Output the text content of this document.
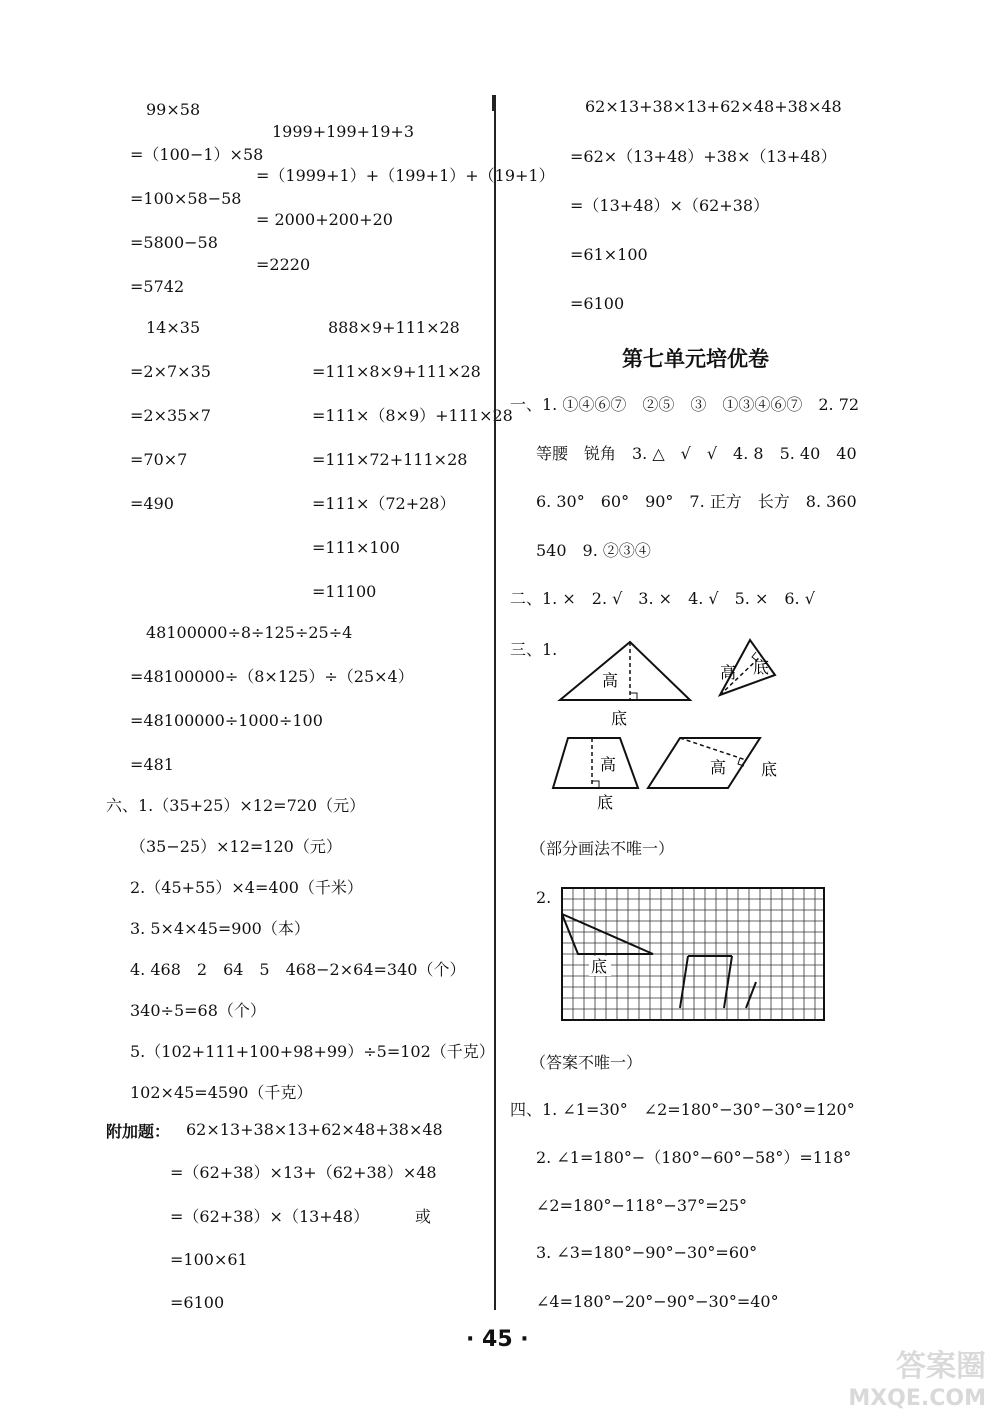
99×58
=（100−1）×58
=100×58−58
=5800−58
=5742
1999+199+19+3
=（1999+1）+（199+1）+（19+1）
= 2000+200+20
=2220
14×35
=2×7×35
=2×35×7
=70×7
=490
888×9+111×28
=111×8×9+111×28
=111×（8×9）+111×28
=111×72+111×28
=111×（72+28）
=111×100
=11100
48100000÷8÷125÷25÷4
=48100000÷（8×125）÷（25×4）
=48100000÷1000÷100
=481
六、1.（35+25）×12=720（元）
（35−25）×12=120（元）
2.（45+55）×4=400（千米）
3. 5×4×45=900（本）
4. 468　2　64　5　468−2×64=340（个）
340÷5=68（个）
5.（102+111+100+98+99）÷5=102（千克）
102×45=4590（千克）
附加题： 62×13+38×13+62×48+38×48
=（62+38）×13+（62+38）×48
=（62+38）×（13+48）
=100×61
=6100
或
62×13+38×13+62×48+38×48
=62×（13+48）+38×（13+48）
=（13+48）×（62+38）
=61×100
=6100
第七单元培优卷
一、1. ①④⑥⑦　②⑤　③　①③④⑥⑦　2. 72
等腰　锐角　3. △　√　√　4. 8　5. 40　40
6. 30°　60°　90°　7. 正方　长方　8. 360
540　9. ②③④
二、1. ×　2. √　3. ×　4. √　5. ×　6. √
三、1.
高
底
高 底
高
底
高 底
（部分画法不唯一）
2.
底
（答案不唯一）
四、1. ∠1=30°　∠2=180°−30°−30°=120°
2. ∠1=180°−（180°−60°−58°）=118°
∠2=180°−118°−37°=25°
3. ∠3=180°−90°−30°=60°
∠4=180°−20°−90°−30°=40°
· 45 ·
答案圈
MXQE.COM
